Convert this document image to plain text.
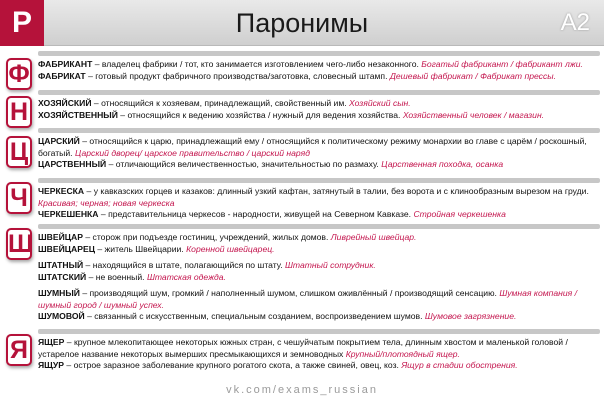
Р	Паронимы	А2
Ф
Н
Ц
Ч
Ш
Я
ФАБРИКАНТ – владелец фабрики / тот, кто занимается изготовлением чего-либо незаконного. Богатый фабрикант / фабрикант лжи.
ФАБРИКАТ – готовый продукт фабричного производства/заготовка, словесный штамп. Дешевый фабрикат / Фабрикат прессы.
ХОЗЯЙСКИЙ – относящийся к хозяевам, принадлежащий, свойственный им. Хозяйский сын.
ХОЗЯЙСТВЕННЫЙ – относящийся к ведению хозяйства / нужный для ведения хозяйства. Хозяйственный человек / магазин.
ЦАРСКИЙ – относящийся к царю, принадлежащий ему / относящийся к политическому режиму монархии во главе с царём / роскошный, богатый. Царский дворец/ царское правительство / царский наряд
ЦАРСТВЕННЫЙ – отличающийся величественностью, значительностью по размаху. Царственная походка, осанка
ЧЕРКЕСКА – у кавказских горцев и казаков: длинный узкий кафтан, затянутый в талии, без ворота и с клинообразным вырезом на груди. Красивая; черная; новая черкеска
ЧЕРКЕШЕНКА – представительница черкесов - народности, живущей на Северном Кавказе. Стройная черкешенка
ШВЕЙЦАР – сторож при подъезде гостиниц, учреждений, жилых домов. Ливрейный швейцар.
ШВЕЙЦАРЕЦ – житель Швейцарии. Коренной швейцарец.
ШТАТНЫЙ – находящийся в штате, полагающийся по штату. Штатный сотрудник.
ШТАТСКИЙ – не военный. Штатская одежда.
ШУМНЫЙ – производящий шум, громкий / наполненный шумом, слишком оживлённый / производящий сенсацию. Шумная компания / шумный город / шумный успех.
ШУМОВОЙ – связанный с искусственным, специальным созданием, воспроизведением шумов. Шумовое загрязнение.
ЯЩЕР – крупное млекопитающее некоторых южных стран, с чешуйчатым покрытием тела, длинным хвостом и маленькой головой / устарелое название некоторых вымерших пресмыкающихся и земноводных Крупный/плотоядный ящер.
ЯЩУР – острое заразное заболевание крупного рогатого скота, а также свиней, овец, коз. Ящур в стадии обострения.
vk.com/exams_russian
